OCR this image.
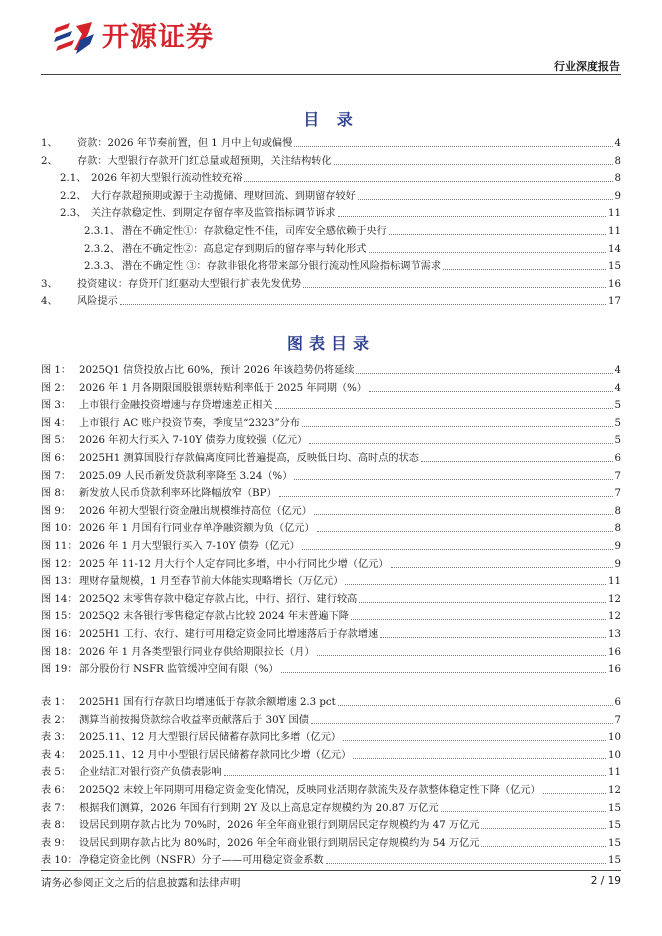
开源证券
行业深度报告
目 录
1、	资款：2026 年节奏前置，但 1 月中上旬或偏慢	4
2、	存款：大型银行存款开门红总量或超预期，关注结构转化	8
2.1、 2026 年初大型银行流动性较充裕	8
2.2、 大行存款超预期或源于主动揽储、理财回流、到期留存较好	9
2.3、 关注存款稳定性、到期定存留存率及监管指标调节诉求	11
2.3.1、 潜在不确定性①：存款稳定性不佳，司库安全感依赖于央行	11
2.3.2、 潜在不确定性②：高息定存到期后的留存率与转化形式	14
2.3.3、 潜在不确定性 ③：存款非银化将带来部分银行流动性风险指标调节需求	15
3、	投资建议：存贷开门红驱动大型银行扩表先发优势	16
4、	风险提示	17
图表目录
图 1： 2025Q1 信贷投放占比 60%，预计 2026 年该趋势仍将延续	4
图 2： 2026 年 1 月各期限国股银票转贴利率低于 2025 年同期（%）	4
图 3： 上市银行金融投资增速与存贷增速差正相关	5
图 4： 上市银行 AC 账户投资节奏，季度呈“2323”分布	5
图 5： 2026 年初大行买入 7-10Y 债券力度较强（亿元）	5
图 6： 2025H1 测算国股行存款偏离度同比普遍提高，反映低日均、高时点的状态	6
图 7： 2025.09 人民币新发贷款利率降至 3.24（%）	7
图 8： 新发放人民币贷款利率环比降幅放窄（BP）	7
图 9： 2026 年初大型银行资金融出规模维持高位（亿元）	8
图 10： 2026 年 1 月国有行同业存单净融资额为负（亿元）	8
图 11： 2026 年 1 月大型银行买入 7-10Y 债券（亿元）	9
图 12： 2025 年 11-12 月大行个人定存同比多增，中小行同比少增（亿元）	9
图 13： 理财存量规模，1 月至春节前大体能实现略增长（万亿元）	11
图 14： 2025Q2 末零售存款中稳定存款占比，中行、招行、建行较高	12
图 15： 2025Q2 末各银行零售稳定存款占比较 2024 年末普遍下降	12
图 16： 2025H1 工行、农行、建行可用稳定资金同比增速落后于存款增速	13
图 18： 2026 年 1 月各类型银行同业存供给期限拉长（月）	16
图 19： 部分股份行 NSFR 监管缓冲空间有限（%）	16
表 1： 2025H1 国有行存款日均增速低于存款余额增速 2.3 pct	6
表 2： 测算当前按揭贷款综合收益率贡献落后于 30Y 国债	7
表 3： 2025.11、12 月大型银行居民储蓄存款同比多增（亿元）	10
表 4： 2025.11、12 月中小型银行居民储蓄存款同比少增（亿元）	10
表 5： 企业结汇对银行资产负债表影响	11
表 6： 2025Q2 末较上年同期可用稳定资金变化情况，反映同业活期存款流失及存款整体稳定性下降（亿元）	12
表 7： 根据我们测算，2026 年国有行到期 2Y 及以上高息定存规模约为 20.87 万亿元	15
表 8： 设居民到期存款占比为 70%时，2026 年全年商业银行到期居民定存规模约为 47 万亿元	15
表 9： 设居民到期存款占比为 80%时，2026 年全年商业银行到期居民定存规模约为 54 万亿元	15
表 10： 净稳定资金比例（NSFR）分子——可用稳定资金系数	15
请务必参阅正文之后的信息披露和法律声明	2 / 19
